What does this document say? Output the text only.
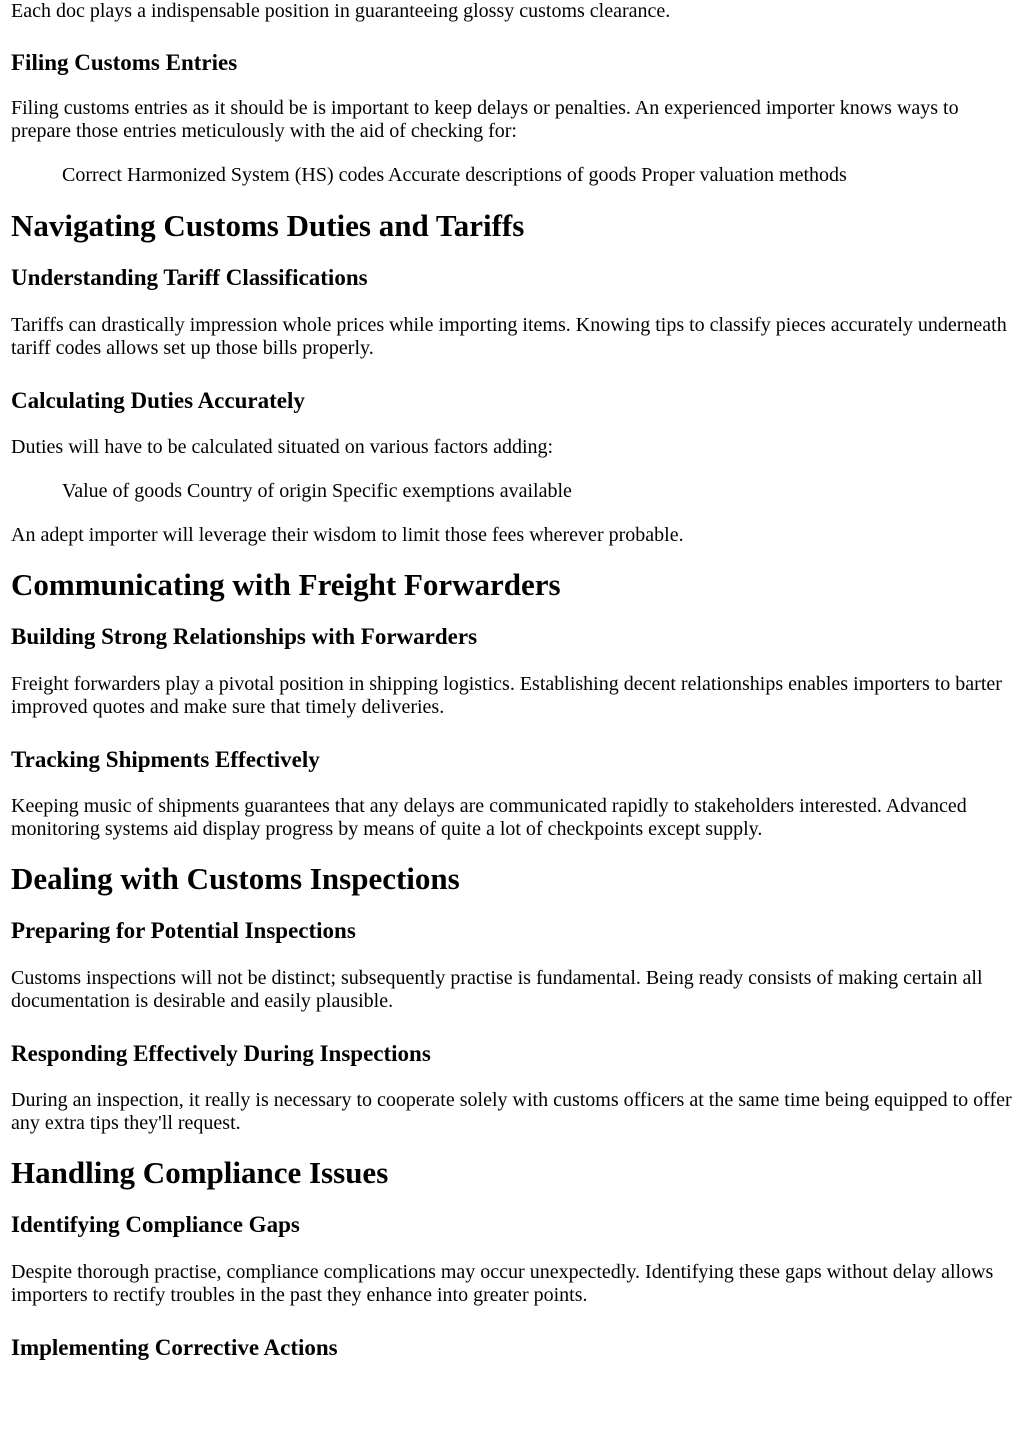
Each doc plays a indispensable position in guaranteeing glossy customs clearance.

Filing Customs Entries

Filing customs entries as it should be is important to keep delays or penalties. An experienced importer knows ways to prepare those entries meticulously with the aid of checking for:

Correct Harmonized System (HS) codes Accurate descriptions of goods Proper valuation methods
Navigating Customs Duties and Tariffs
Understanding Tariff Classifications

Tariffs can drastically impression whole prices while importing items. Knowing tips to classify pieces accurately underneath tariff codes allows set up those bills properly.

Calculating Duties Accurately

Duties will have to be calculated situated on various factors adding:

Value of goods Country of origin Specific exemptions available

An adept importer will leverage their wisdom to limit those fees wherever probable.

Communicating with Freight Forwarders
Building Strong Relationships with Forwarders

Freight forwarders play a pivotal position in shipping logistics. Establishing decent relationships enables importers to barter improved quotes and make sure that timely deliveries.

Tracking Shipments Effectively

Keeping music of shipments guarantees that any delays are communicated rapidly to stakeholders interested. Advanced monitoring systems aid display progress by means of quite a lot of checkpoints except supply.

Dealing with Customs Inspections
Preparing for Potential Inspections

Customs inspections will not be distinct; subsequently practise is fundamental. Being ready consists of making certain all documentation is desirable and easily plausible.

Responding Effectively During Inspections

During an inspection, it really is necessary to cooperate solely with customs officers at the same time being equipped to offer any extra tips they'll request.

Handling Compliance Issues
Identifying Compliance Gaps

Despite thorough practise, compliance complications may occur unexpectedly. Identifying these gaps without delay allows importers to rectify troubles in the past they enhance into greater points.

Implementing Corrective Actions
